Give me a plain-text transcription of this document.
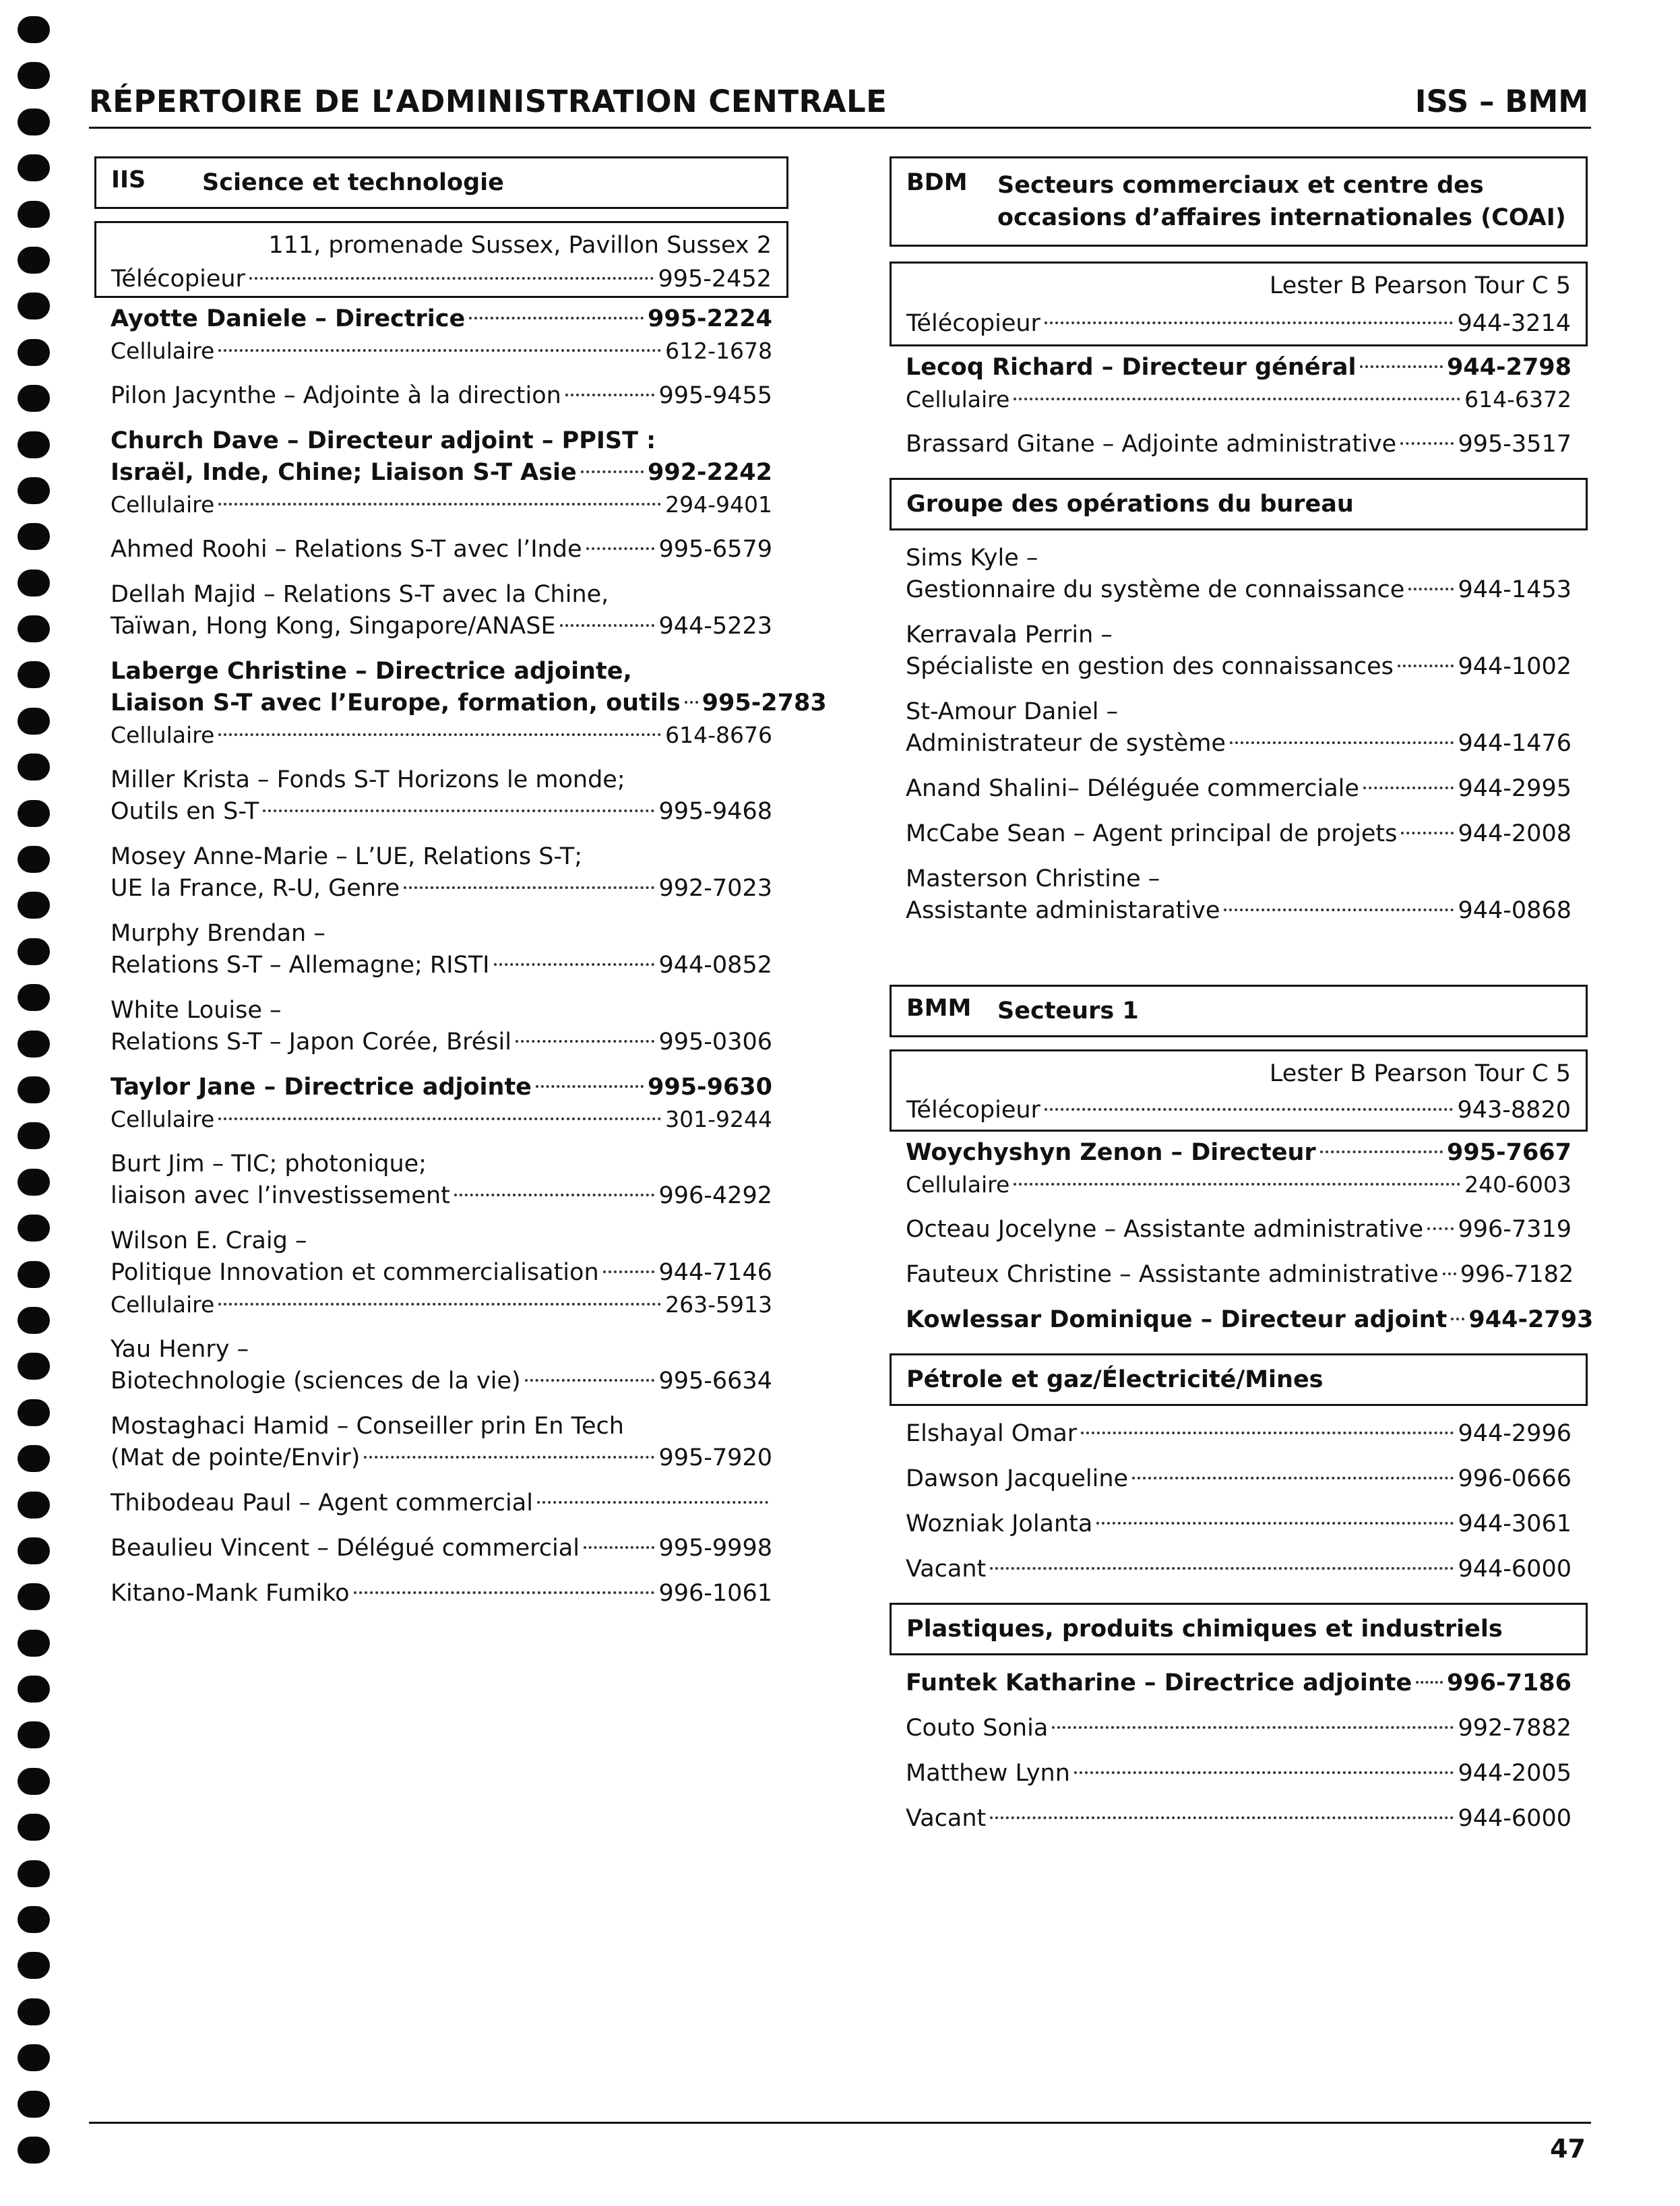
RÉPERTOIRE DE L’ADMINISTRATION CENTRALE	ISS – BMM
IIS	Science et technologie
111, promenade Sussex, Pavillon Sussex 2
Télécopieur	995-2452
Ayotte Daniele – Directrice	995-2224
Cellulaire	612-1678
Pilon Jacynthe – Adjointe à la direction	995-9455
Church Dave – Directeur adjoint – PPIST :
Israël, Inde, Chine; Liaison S-T Asie	992-2242
Cellulaire	294-9401
Ahmed Roohi – Relations S-T avec l’Inde	995-6579
Dellah Majid – Relations S-T avec la Chine,
Taïwan, Hong Kong, Singapore/ANASE	944-5223
Laberge Christine – Directrice adjointe,
Liaison S-T avec l’Europe, formation, outils 995-2783
Cellulaire	614-8676
Miller Krista – Fonds S-T Horizons le monde;
Outils en S-T	995-9468
Mosey Anne-Marie – L’UE, Relations S-T;
UE la France, R-U, Genre	992-7023
Murphy Brendan –
Relations S-T – Allemagne; RISTI	944-0852
White Louise –
Relations S-T – Japon Corée, Brésil	995-0306
Taylor Jane – Directrice adjointe	995-9630
Cellulaire	301-9244
Burt Jim – TIC; photonique;
liaison avec l’investissement	996-4292
Wilson E. Craig –
Politique Innovation et commercialisation	944-7146
Cellulaire	263-5913
Yau Henry –
Biotechnologie (sciences de la vie)	995-6634
Mostaghaci Hamid – Conseiller prin En Tech
(Mat de pointe/Envir)	995-7920
Thibodeau Paul – Agent commercial
Beaulieu Vincent – Délégué commercial	995-9998
Kitano-Mank Fumiko	996-1061
BDM	Secteurs commerciaux et centre des occasions d’affaires internationales (COAI)
Lester B Pearson Tour C 5
Télécopieur	944-3214
Lecoq Richard – Directeur général	944-2798
Cellulaire	614-6372
Brassard Gitane – Adjointe administrative	995-3517
Groupe des opérations du bureau
Sims Kyle –
Gestionnaire du système de connaissance 944-1453
Kerravala Perrin –
Spécialiste en gestion des connaissances	944-1002
St-Amour Daniel –
Administrateur de système	944-1476
Anand Shalini– Déléguée commerciale	944-2995
McCabe Sean – Agent principal de projets	944-2008
Masterson Christine –
Assistante administarative	944-0868
BMM	Secteurs 1
Lester B Pearson Tour C 5
Télécopieur	943-8820
Woychyshyn Zenon – Directeur	995-7667
Cellulaire	240-6003
Octeau Jocelyne – Assistante administrative 996-7319
Fauteux Christine – Assistante administrative 996-7182
Kowlessar Dominique – Directeur adjoint 944-2793
Pétrole et gaz/Électricité/Mines
Elshayal Omar	944-2996
Dawson Jacqueline	996-0666
Wozniak Jolanta	944-3061
Vacant	944-6000
Plastiques, produits chimiques et industriels
Funtek Katharine – Directrice adjointe 996-7186
Couto Sonia	992-7882
Matthew Lynn	944-2005
Vacant	944-6000
47
